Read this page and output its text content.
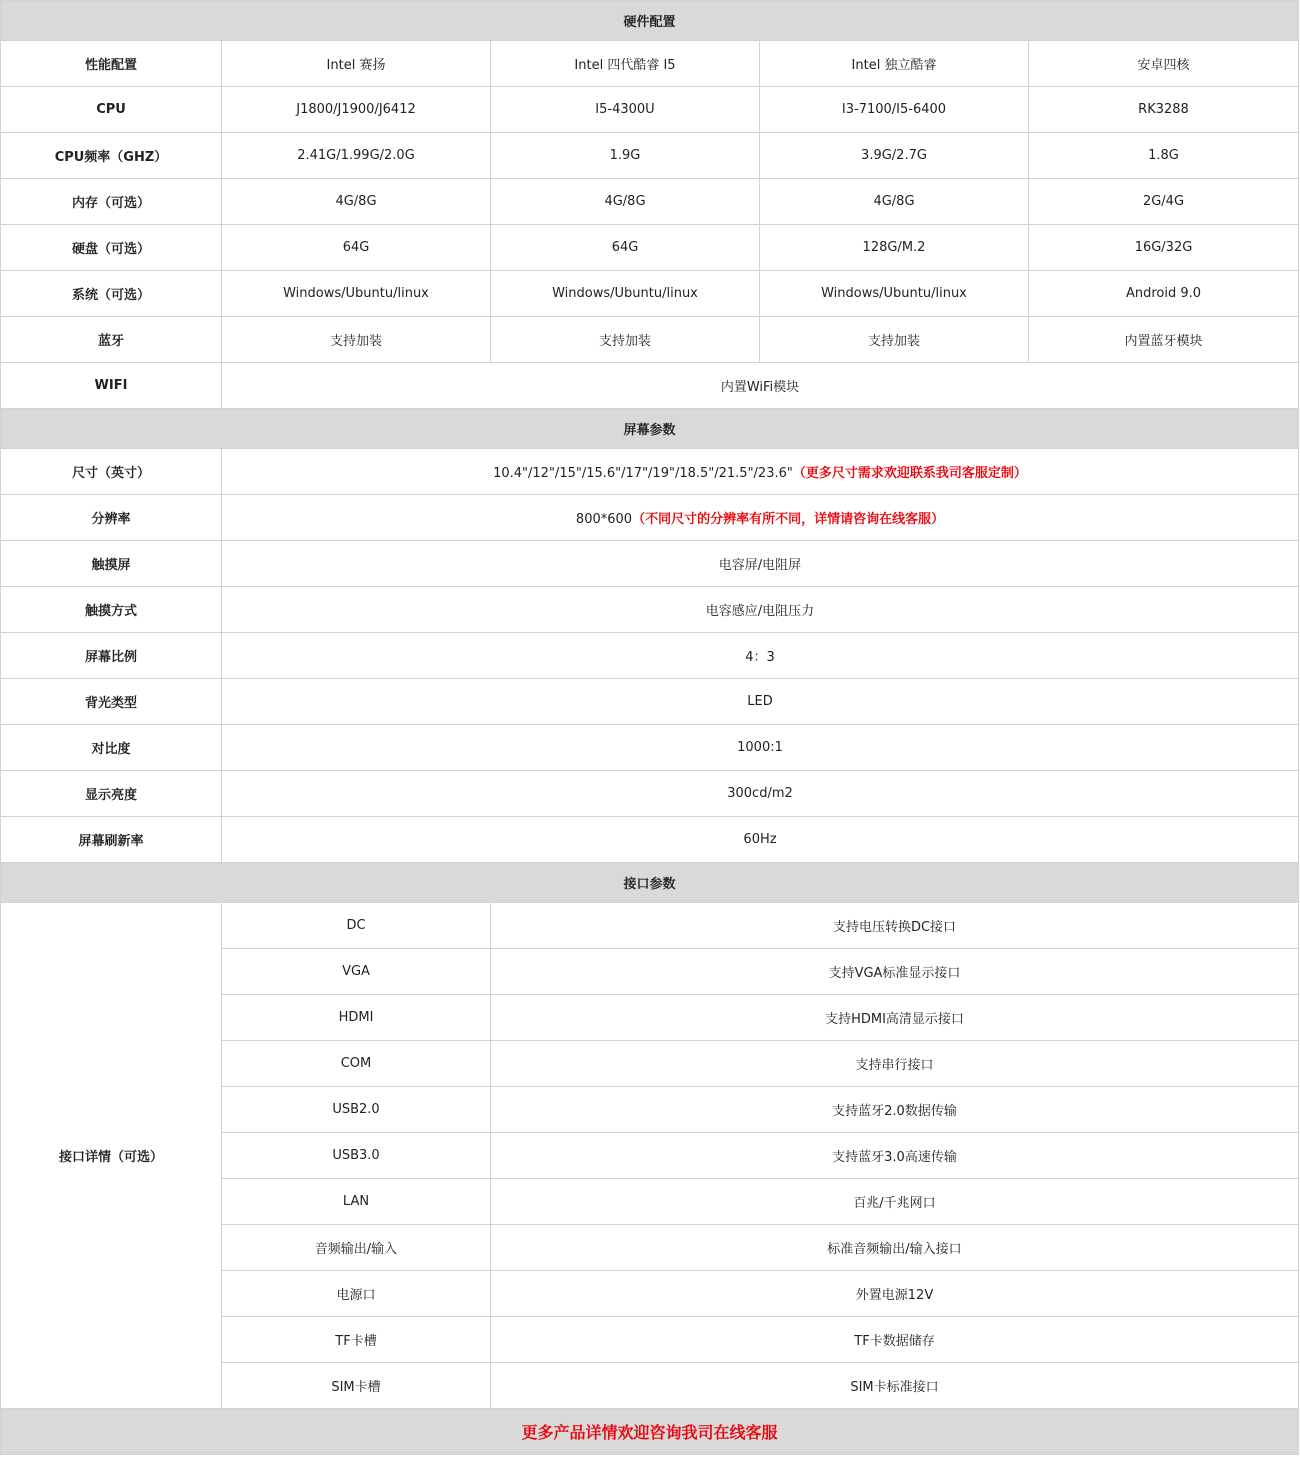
硬件配置				
性能配置	Intel 赛扬	Intel 四代酷睿 I5	Intel 独立酷睿	安卓四核
CPU	J1800/J1900/J6412	I5-4300U	I3-7100/I5-6400	RK3288
CPU频率（GHZ）	2.41G/1.99G/2.0G	1.9G	3.9G/2.7G	1.8G
内存（可选）	4G/8G	4G/8G	4G/8G	2G/4G
硬盘（可选）	64G	64G	128G/M.2	16G/32G
系统（可选）	Windows/Ubuntu/linux	Windows/Ubuntu/linux	Windows/Ubuntu/linux	Android 9.0
蓝牙	支持加装	支持加装	支持加装	内置蓝牙模块
WIFI	内置WiFi模块			
屏幕参数				
尺寸（英寸）	10.4"/12"/15"/15.6"/17"/19"/18.5"/21.5"/23.6"（更多尺寸需求欢迎联系我司客服定制）			
分辨率	800*600（不同尺寸的分辨率有所不同，详情请咨询在线客服）			
触摸屏	电容屏/电阻屏			
触摸方式	电容感应/电阻压力			
屏幕比例	4：3			
背光类型	LED			
对比度	1000:1			
显示亮度	300cd/m2			
屏幕刷新率	60Hz			
接口参数				
接口详情（可选）	DC	支持电压转换DC接口		
	VGA	支持VGA标准显示接口		
	HDMI	支持HDMI高清显示接口		
	COM	支持串行接口		
	USB2.0	支持蓝牙2.0数据传输		
	USB3.0	支持蓝牙3.0高速传输		
	LAN	百兆/千兆网口		
	音频输出/输入	标准音频输出/输入接口		
	电源口	外置电源12V		
	TF卡槽	TF卡数据储存		
	SIM卡槽	SIM卡标准接口		
更多产品详情欢迎咨询我司在线客服				
